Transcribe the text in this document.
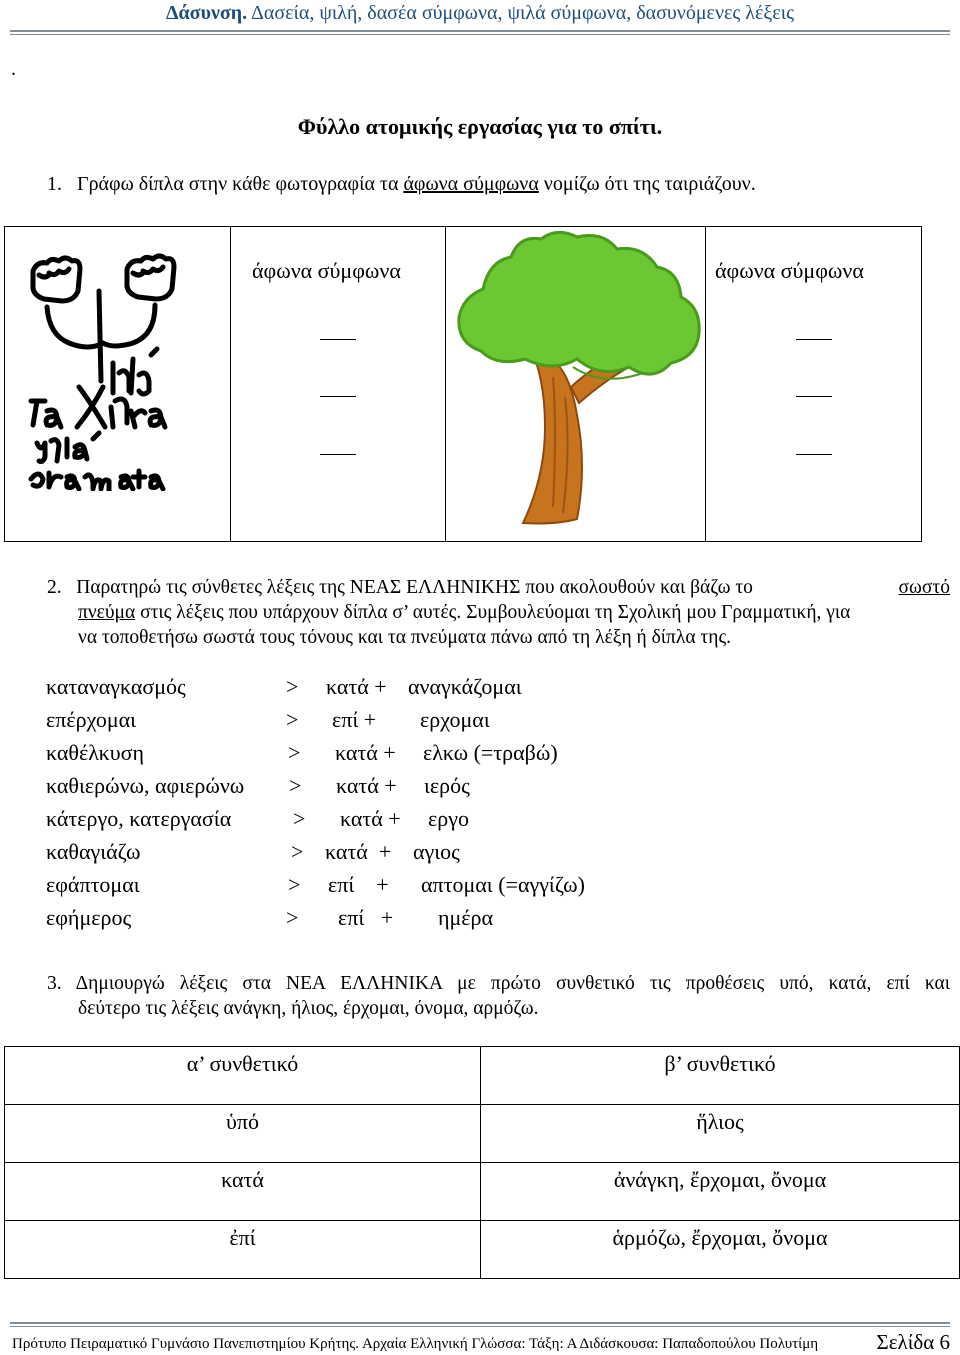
Δάσυνση. Δασεία, ψιλή, δασέα σύμφωνα, ψιλά σύμφωνα, δασυνόμενες λέξεις
.
Φύλλο ατομικής εργασίας για το σπίτι.
1. Γράφω δίπλα στην κάθε φωτογραφία τα άφωνα σύμφωνα νομίζω ότι της ταιριάζουν.
άφωνα σύμφωνα	άφωνα σύμφωνα
2. Παρατηρώ τις σύνθετες λέξεις της ΝΕΑΣ ΕΛΛΗΝΙΚΗΣ που ακολουθούν και βάζω το	σωστό
πνεύμα στις λέξεις που υπάρχουν δίπλα σ’ αυτές. Συμβουλεύομαι τη Σχολική μου Γραμματική, για
να τοποθετήσω σωστά τους τόνους και τα πνεύματα πάνω από τη λέξη ή δίπλα της.
καταναγκασμός	> κατά + αναγκάζομαι
επέρχομαι	> επί + ερχομαι
καθέλκυση	> κατά + ελκω (=τραβώ)
καθιερώνω, αφιερώνω > κατά + ιερός
κάτεργο, κατεργασία	> κατά + εργο
καθαγιάζω	> κατά  + αγιος
εφάπτομαι	> επί    + απτομαι (=αγγίζω)
εφήμερος	> επί   + ημέρα
3. Δημιουργώ λέξεις στα ΝΕΑ ΕΛΛΗΝΙΚΑ με πρώτο συνθετικό τις προθέσεις υπό, κατά, επί και
δεύτερο τις λέξεις ανάγκη, ήλιος, έρχομαι, όνομα, αρμόζω.
α’ συνθετικό	β’ συνθετικό
ὑπό	ἥλιος
κατά	ἀνάγκη, ἔρχομαι, ὄνομα
ἐπί	ἁρμόζω, ἔρχομαι, ὄνομα
Πρότυπο Πειραματικό Γυμνάσιο Πανεπιστημίου Κρήτης. Αρχαία Ελληνική Γλώσσα: Τάξη: Α Διδάσκουσα: Παπαδοπούλου Πολυτίμη	Σελίδα 6
